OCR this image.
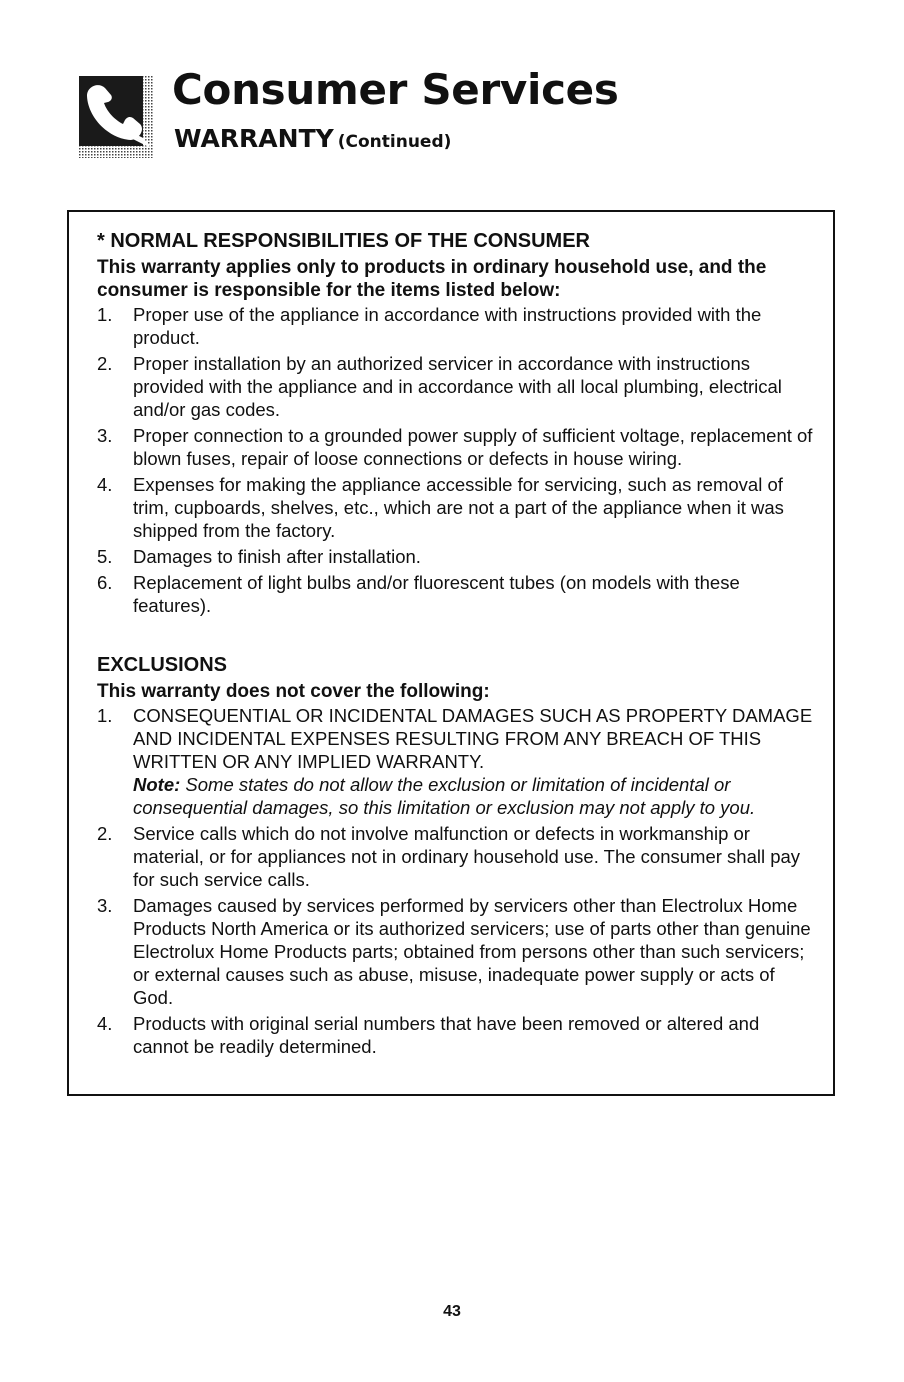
Consumer Services
WARRANTY (Continued)

* NORMAL RESPONSIBILITIES OF THE CONSUMER

This warranty applies only to products in ordinary household use, and the consumer is responsible for the items listed below:

1.	Proper use of the appliance in accordance with instructions provided with the product.
2.	Proper installation by an authorized servicer in accordance with instructions provided with the appliance and in accordance with all local plumbing, electrical and/or gas codes.
3.	Proper connection to a grounded power supply of sufficient voltage, replacement of blown fuses, repair of loose connections or defects in house wiring.
4.	Expenses for making the appliance accessible for servicing, such as removal of trim, cupboards, shelves, etc., which are not a part of the appliance when it was shipped from the factory.
5.	Damages to finish after installation.
6.	Replacement of light bulbs and/or fluorescent tubes (on models with these features).

EXCLUSIONS

This warranty does not cover the following:

1.	CONSEQUENTIAL OR INCIDENTAL DAMAGES SUCH AS PROPERTY DAMAGE AND INCIDENTAL EXPENSES RESULTING FROM ANY BREACH OF THIS WRITTEN OR ANY IMPLIED WARRANTY.
Note: Some states do not allow the exclusion or limitation of incidental or consequential damages, so this limitation or exclusion may not apply to you.
2.	Service calls which do not involve malfunction or defects in workmanship or material, or for appliances not in ordinary household use. The consumer shall pay for such service calls.
3.	Damages caused by services performed by servicers other than Electrolux Home Products North America or its authorized servicers; use of parts other than genuine Electrolux Home Products parts; obtained from persons other than such servicers; or external causes such as abuse, misuse, inadequate power supply or acts of God.
4.	Products with original serial numbers that have been removed or altered and cannot be readily determined.
43
